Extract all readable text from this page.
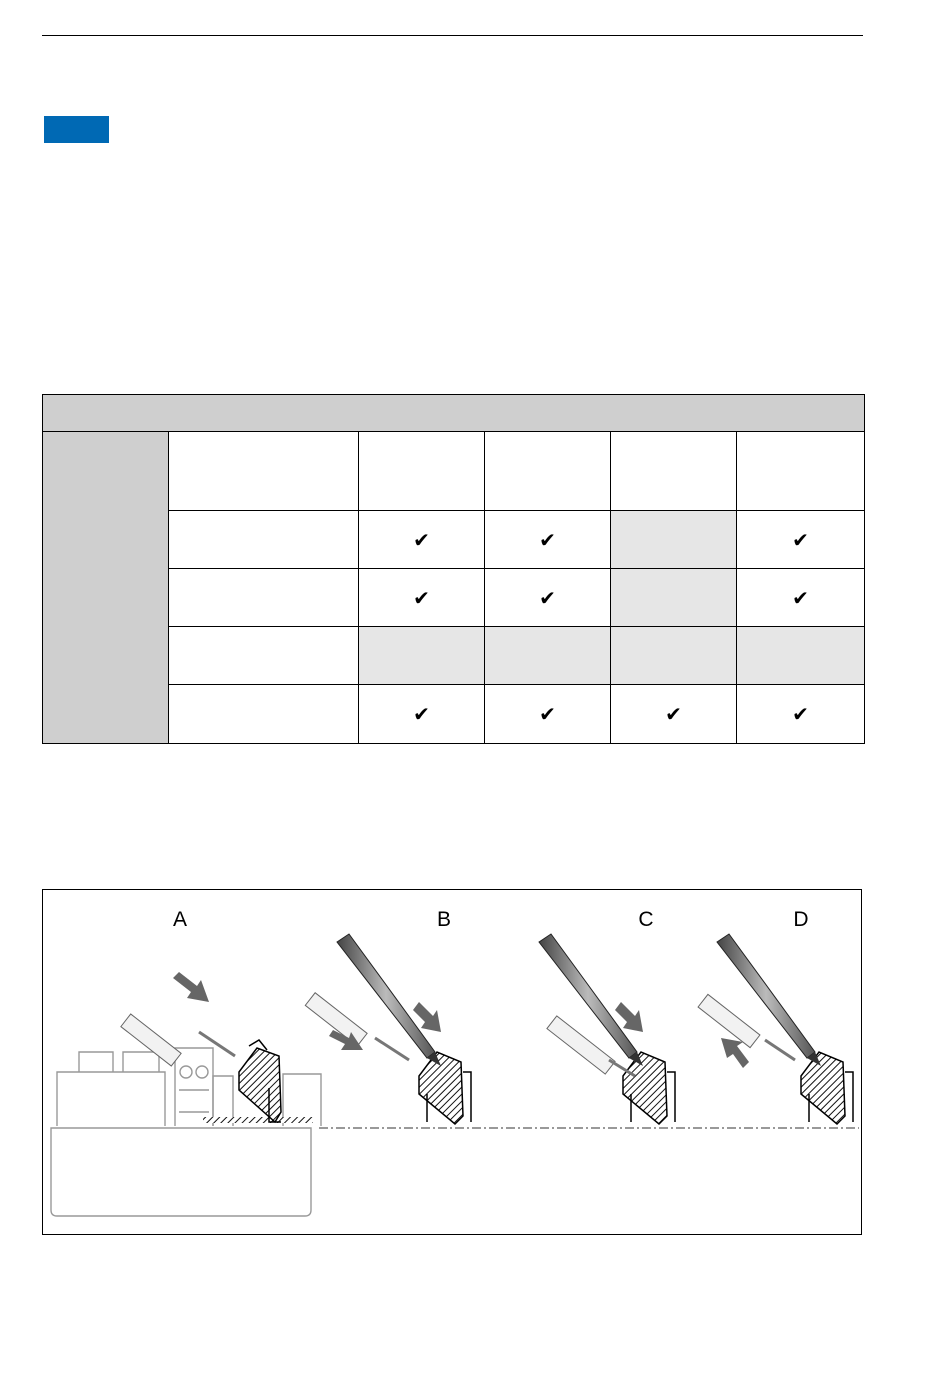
		✔	✔		✔
		✔	✔		✔

		✔	✔	✔	✔
A	B	C	D
